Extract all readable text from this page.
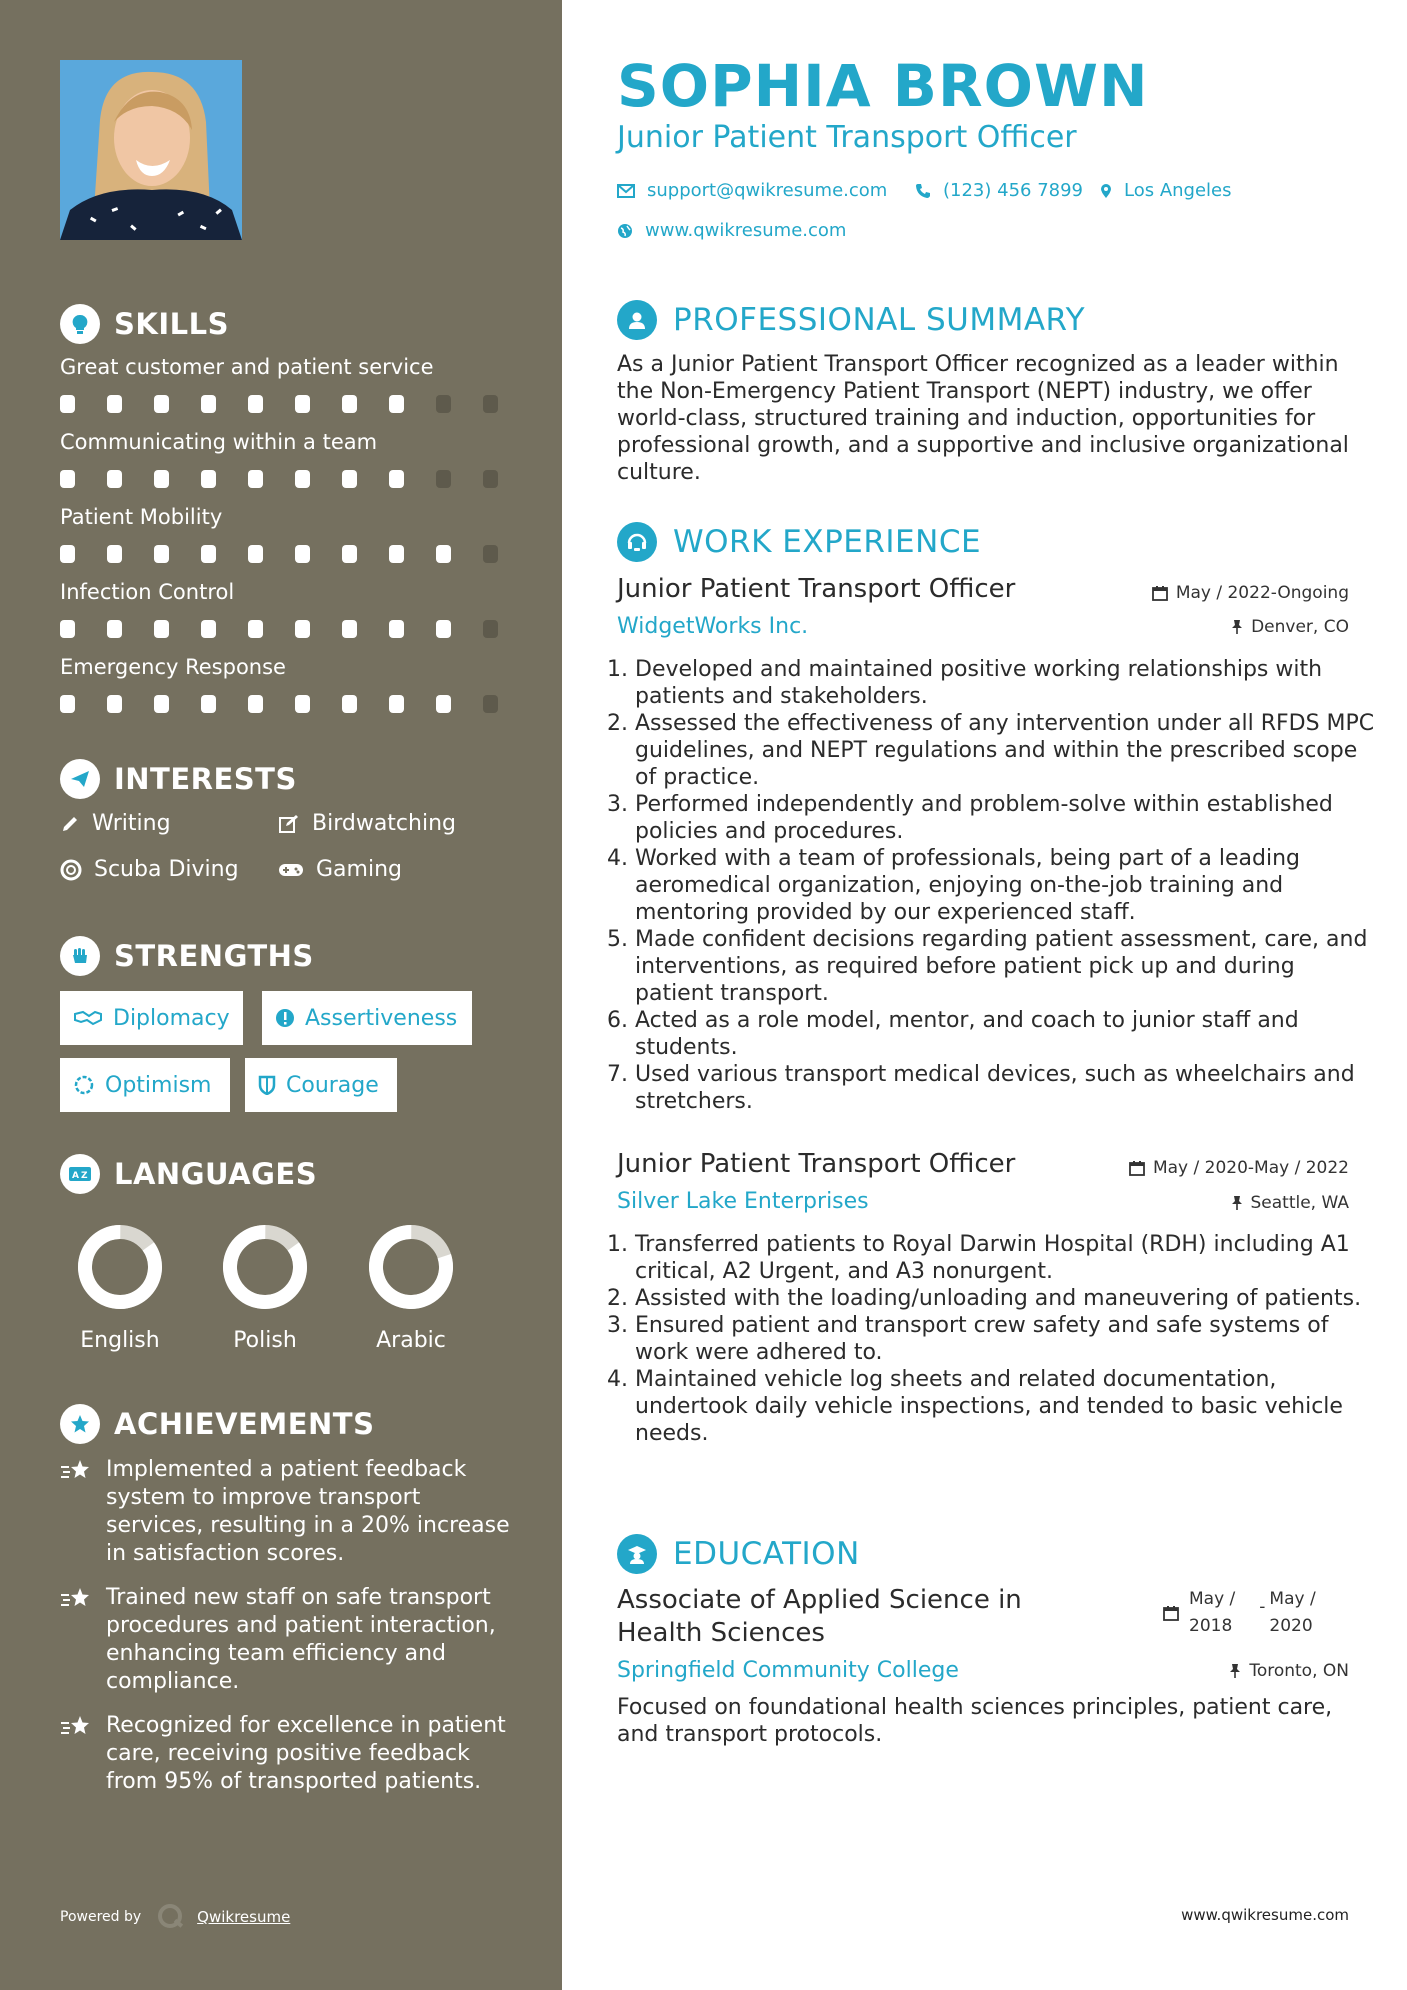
SKILLS
Great customer and patient service
Communicating within a team
Patient Mobility
Infection Control
Emergency Response
INTERESTS
Writing	Birdwatching
Scuba Diving	Gaming
STRENGTHS
Diplomacy	Assertiveness
Optimism	Courage
A Z LANGUAGES
English	Polish	Arabic
ACHIEVEMENTS
Implemented a patient feedback system to improve transport services, resulting in a 20% increase in satisfaction scores.
Trained new staff on safe transport procedures and patient interaction, enhancing team efficiency and compliance.
Recognized for excellence in patient care, receiving positive feedback from 95% of transported patients.
Powered by	Qwikresume
SOPHIA BROWN
Junior Patient Transport Officer
support@qwikresume.com	(123) 456 7899 Los Angeles
www.qwikresume.com
PROFESSIONAL SUMMARY
As a Junior Patient Transport Officer recognized as a leader within the Non-Emergency Patient Transport (NEPT) industry, we offer world-class, structured training and induction, opportunities for professional growth, and a supportive and inclusive organizational culture.
WORK EXPERIENCE
Junior Patient Transport Officer	May / 2022-Ongoing
WidgetWorks Inc.	Denver, CO
1. Developed and maintained positive working relationships with patients and stakeholders.
2. Assessed the effectiveness of any intervention under all RFDS MPC guidelines, and NEPT regulations and within the prescribed scope of practice.
3. Performed independently and problem-solve within established policies and procedures.
4. Worked with a team of professionals, being part of a leading aeromedical organization, enjoying on-the-job training and mentoring provided by our experienced staff.
5. Made confident decisions regarding patient assessment, care, and interventions, as required before patient pick up and during patient transport.
6. Acted as a role model, mentor, and coach to junior staff and students.
7. Used various transport medical devices, such as wheelchairs and stretchers.
Junior Patient Transport Officer	May / 2020-May / 2022
Silver Lake Enterprises	Seattle, WA
1. Transferred patients to Royal Darwin Hospital (RDH) including A1 critical, A2 Urgent, and A3 nonurgent.
2. Assisted with the loading/unloading and maneuvering of patients.
3. Ensured patient and transport crew safety and safe systems of work were adhered to.
4. Maintained vehicle log sheets and related documentation, undertook daily vehicle inspections, and tended to basic vehicle needs.
EDUCATION
Associate of Applied Science in
Health Sciences
May /
2018
- May /
2020
Springfield Community College	Toronto, ON
Focused on foundational health sciences principles, patient care, and transport protocols.
www.qwikresume.com
